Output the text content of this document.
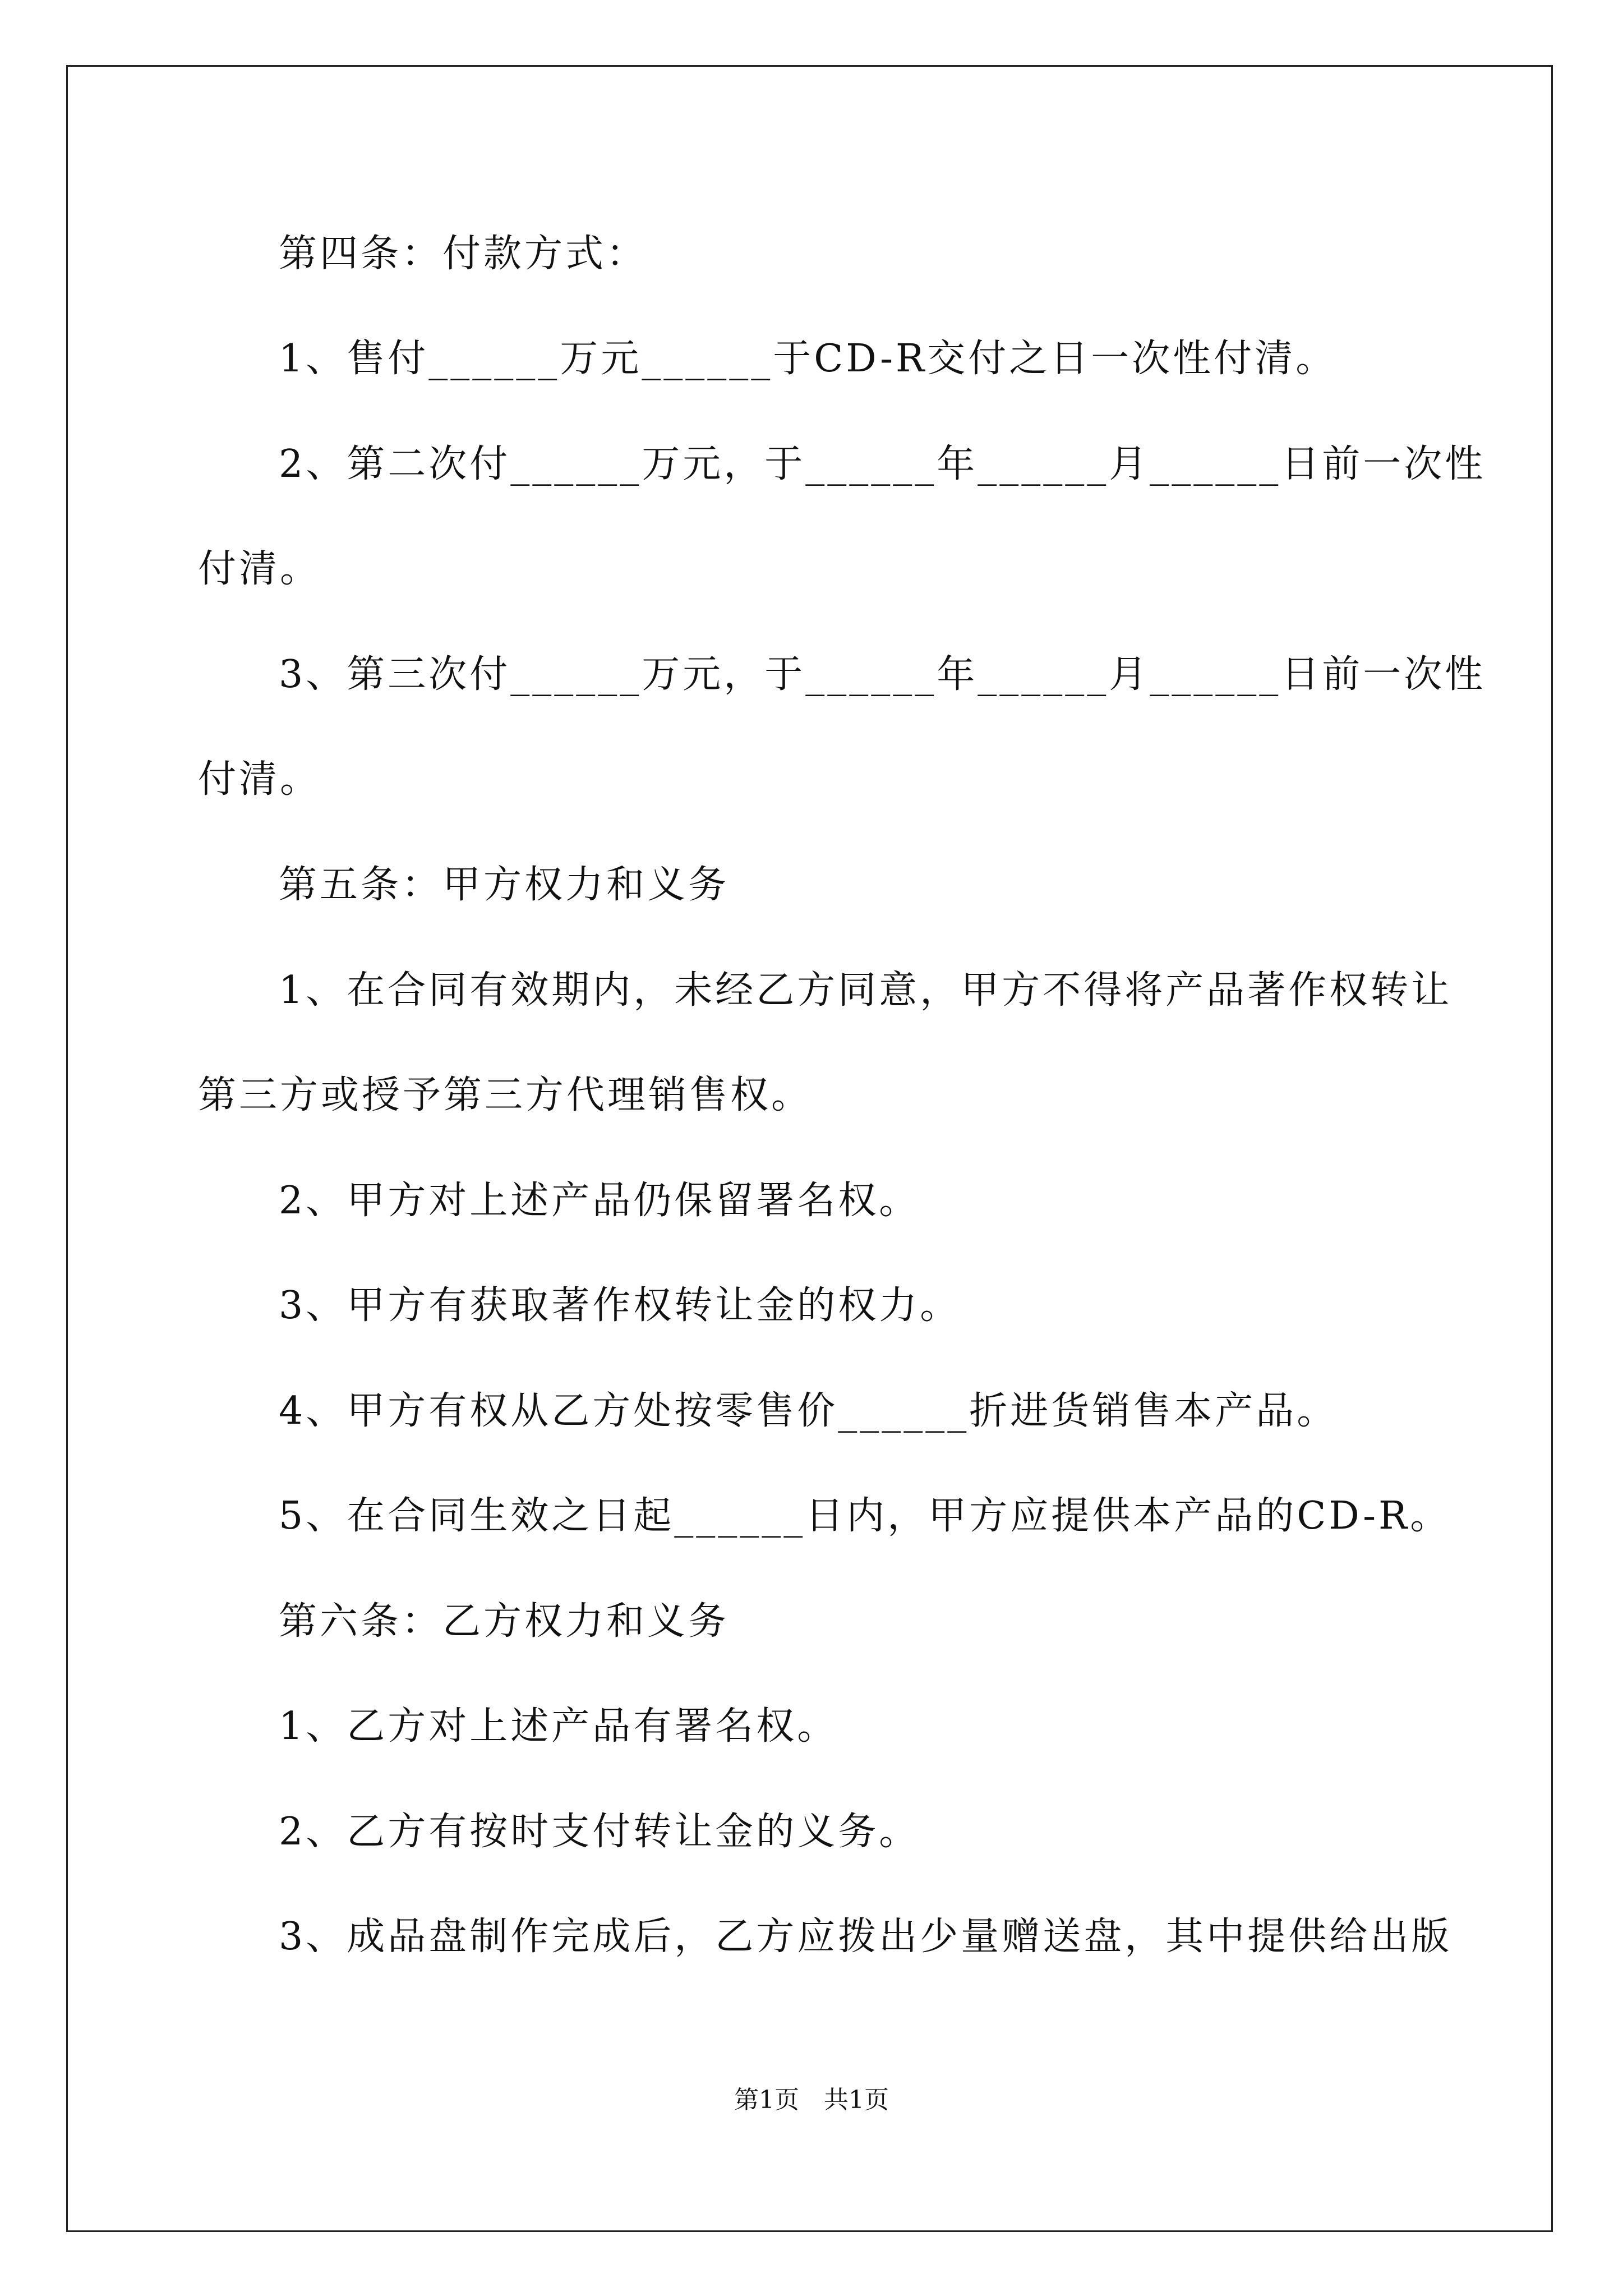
第四条：付款方式：

1、售付______万元______于CD-R交付之日一次性付清。

2、第二次付______万元，于______年______月______日前一次性

付清。

3、第三次付______万元，于______年______月______日前一次性

付清。

第五条：甲方权力和义务

1、在合同有效期内，未经乙方同意，甲方不得将产品著作权转让

第三方或授予第三方代理销售权。

2、甲方对上述产品仍保留署名权。

3、甲方有获取著作权转让金的权力。

4、甲方有权从乙方处按零售价______折进货销售本产品。

5、在合同生效之日起______日内，甲方应提供本产品的CD-R。

第六条：乙方权力和义务

1、乙方对上述产品有署名权。

2、乙方有按时支付转让金的义务。

3、成品盘制作完成后，乙方应拨出少量赠送盘，其中提供给出版

第1页　共1页
